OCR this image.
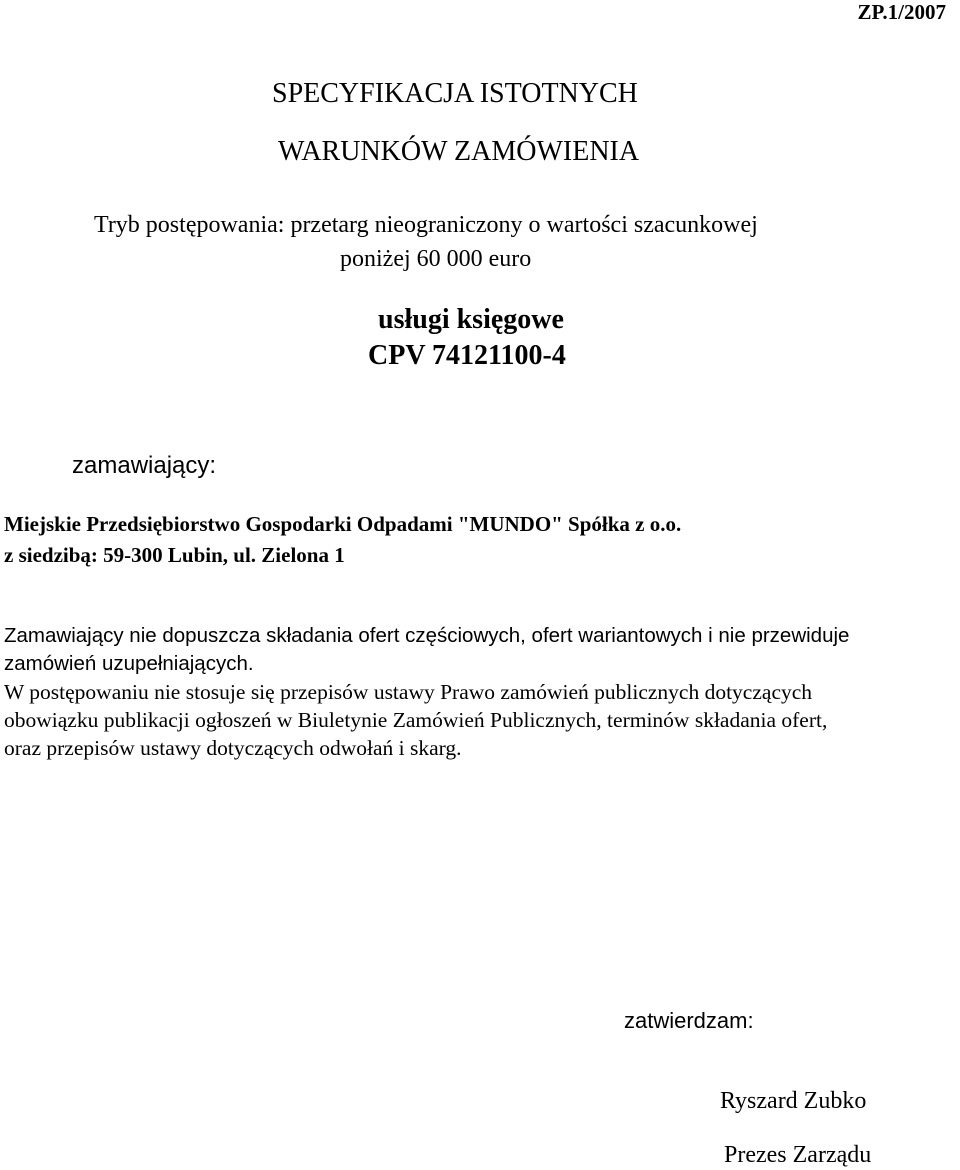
ZP.1/2007

SPECYFIKACJA ISTOTNYCH

WARUNKÓW ZAMÓWIENIA

Tryb postępowania: przetarg nieograniczony o wartości szacunkowej

poniżej 60 000 euro

usługi księgowe

CPV 74121100-4

zamawiający:

Miejskie Przedsiębiorstwo Gospodarki Odpadami "MUNDO" Spółka z o.o.

z siedzibą: 59-300 Lubin, ul. Zielona 1

Zamawiający nie dopuszcza składania ofert częściowych, ofert wariantowych i nie przewiduje

zamówień uzupełniających.

W postępowaniu nie stosuje się przepisów ustawy Prawo zamówień publicznych dotyczących

obowiązku publikacji ogłoszeń w Biuletynie Zamówień Publicznych, terminów składania ofert,

oraz przepisów ustawy dotyczących odwołań i skarg.

zatwierdzam:

Ryszard Zubko

Prezes Zarządu
